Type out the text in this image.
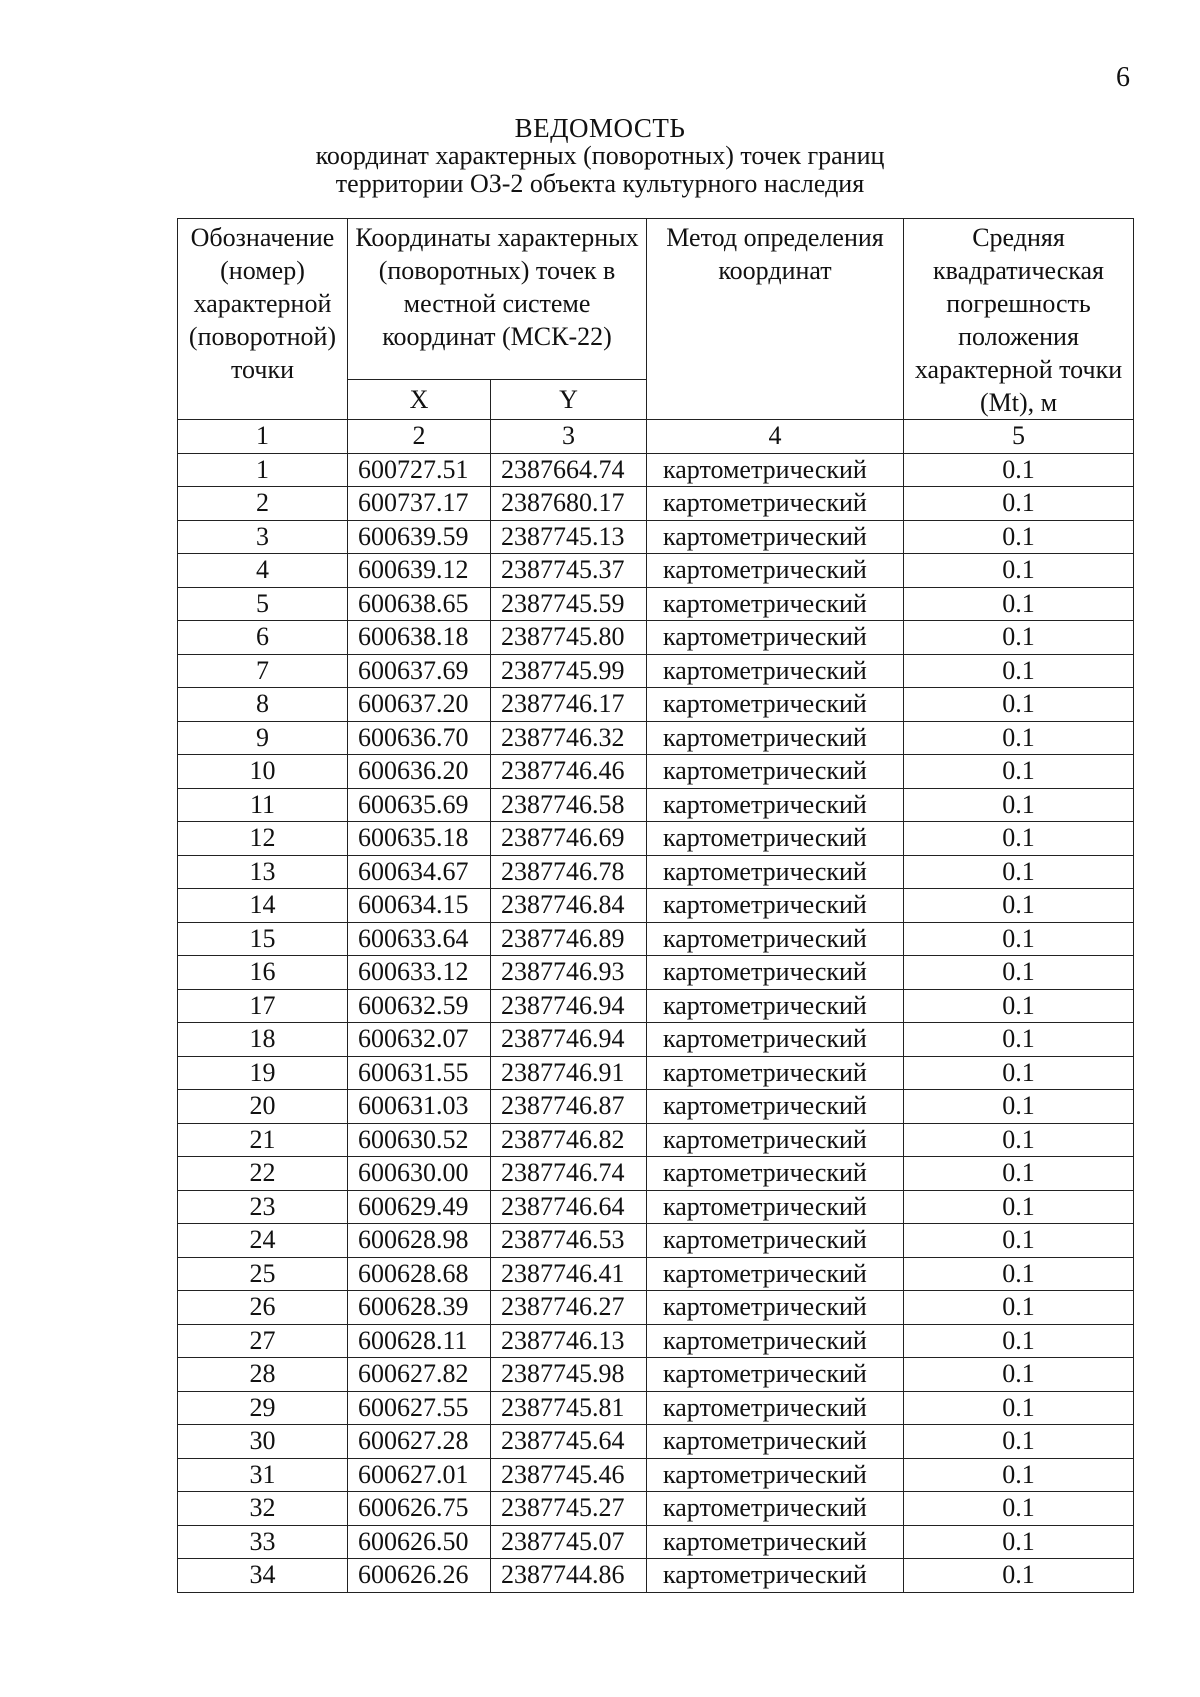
6
ВЕДОМОСТЬ
координат характерных (поворотных) точек границ
территории ОЗ-2 объекта культурного наследия
Обозначение (номер) характерной (поворотной) точки	Координаты характерных (поворотных) точек в местной системе координат (МСК-22)		Метод определения координат	Средняя квадратическая погрешность положения характерной точки (Mt), м
	X	Y		
1	2	3	4	5
1	600727.51	2387664.74	картометрический	0.1
2	600737.17	2387680.17	картометрический	0.1
3	600639.59	2387745.13	картометрический	0.1
4	600639.12	2387745.37	картометрический	0.1
5	600638.65	2387745.59	картометрический	0.1
6	600638.18	2387745.80	картометрический	0.1
7	600637.69	2387745.99	картометрический	0.1
8	600637.20	2387746.17	картометрический	0.1
9	600636.70	2387746.32	картометрический	0.1
10	600636.20	2387746.46	картометрический	0.1
11	600635.69	2387746.58	картометрический	0.1
12	600635.18	2387746.69	картометрический	0.1
13	600634.67	2387746.78	картометрический	0.1
14	600634.15	2387746.84	картометрический	0.1
15	600633.64	2387746.89	картометрический	0.1
16	600633.12	2387746.93	картометрический	0.1
17	600632.59	2387746.94	картометрический	0.1
18	600632.07	2387746.94	картометрический	0.1
19	600631.55	2387746.91	картометрический	0.1
20	600631.03	2387746.87	картометрический	0.1
21	600630.52	2387746.82	картометрический	0.1
22	600630.00	2387746.74	картометрический	0.1
23	600629.49	2387746.64	картометрический	0.1
24	600628.98	2387746.53	картометрический	0.1
25	600628.68	2387746.41	картометрический	0.1
26	600628.39	2387746.27	картометрический	0.1
27	600628.11	2387746.13	картометрический	0.1
28	600627.82	2387745.98	картометрический	0.1
29	600627.55	2387745.81	картометрический	0.1
30	600627.28	2387745.64	картометрический	0.1
31	600627.01	2387745.46	картометрический	0.1
32	600626.75	2387745.27	картометрический	0.1
33	600626.50	2387745.07	картометрический	0.1
34	600626.26	2387744.86	картометрический	0.1
